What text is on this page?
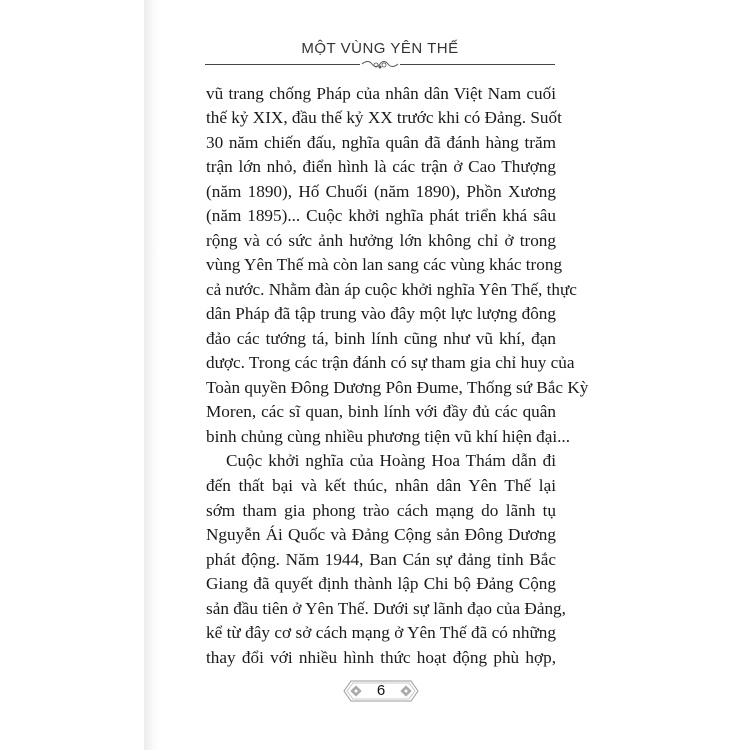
MỘT VÙNG YÊN THẾ
vũ trang chống Pháp của nhân dân Việt Nam cuối
thế kỷ XIX, đầu thế kỷ XX trước khi có Đảng. Suốt
30 năm chiến đấu, nghĩa quân đã đánh hàng trăm
trận lớn nhỏ, điển hình là các trận ở Cao Thượng
(năm 1890), Hố Chuối (năm 1890), Phồn Xương
(năm 1895)... Cuộc khởi nghĩa phát triển khá sâu
rộng và có sức ảnh hưởng lớn không chỉ ở trong
vùng Yên Thế mà còn lan sang các vùng khác trong
cả nước. Nhằm đàn áp cuộc khởi nghĩa Yên Thế, thực
dân Pháp đã tập trung vào đây một lực lượng đông
đảo các tướng tá, binh lính cũng như vũ khí, đạn
dược. Trong các trận đánh có sự tham gia chỉ huy của
Toàn quyền Đông Dương Pôn Đume, Thống sứ Bắc Kỳ
Moren, các sĩ quan, binh lính với đầy đủ các quân
binh chủng cùng nhiều phương tiện vũ khí hiện đại...
Cuộc khởi nghĩa của Hoàng Hoa Thám dẫn đi
đến thất bại và kết thúc, nhân dân Yên Thế lại
sớm tham gia phong trào cách mạng do lãnh tụ
Nguyễn Ái Quốc và Đảng Cộng sản Đông Dương
phát động. Năm 1944, Ban Cán sự đảng tỉnh Bắc
Giang đã quyết định thành lập Chi bộ Đảng Cộng
sản đầu tiên ở Yên Thế. Dưới sự lãnh đạo của Đảng,
kể từ đây cơ sở cách mạng ở Yên Thế đã có những
thay đổi với nhiều hình thức hoạt động phù hợp,
6
